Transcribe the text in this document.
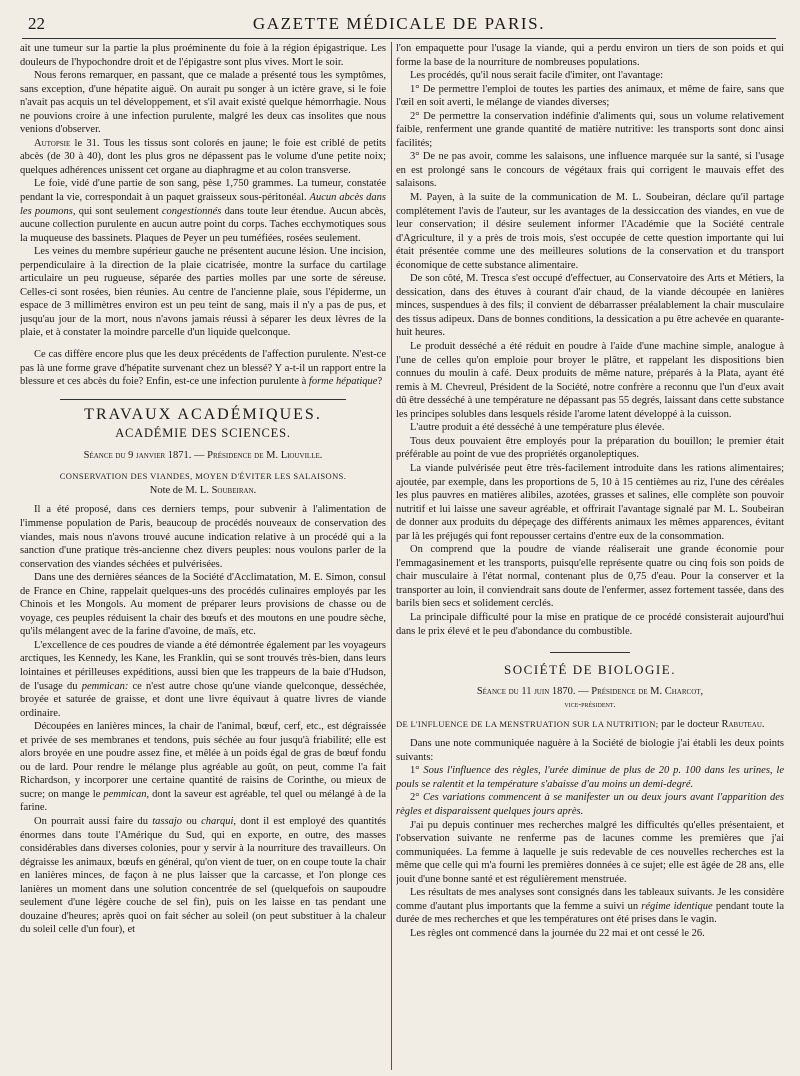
22	GAZETTE MÉDICALE DE PARIS.

ait une tumeur sur la partie la plus proéminente du foie à la région épigastrique. Les douleurs de l'hypochondre droit et de l'épigastre sont plus vives. Mort le soir.

Nous ferons remarquer, en passant, que ce malade a présenté tous les symptômes, sans exception, d'une hépatite aiguë. On aurait pu songer à un ictère grave, si le foie n'avait pas acquis un tel développement, et s'il avait existé quelque hémorrhagie. Nous ne pouvions croire à une infection purulente, malgré les deux cas insolites que nous venions d'observer.

Autopsie le 31. Tous les tissus sont colorés en jaune; le foie est criblé de petits abcès (de 30 à 40), dont les plus gros ne dépassent pas le volume d'une petite noix; quelques adhérences unissent cet organe au diaphragme et au colon transverse.

Le foie, vidé d'une partie de son sang, pèse 1,750 grammes. La tumeur, constatée pendant la vie, correspondait à un paquet graisseux sous-péritonéal. Aucun abcès dans les poumons, qui sont seulement congestionnés dans toute leur étendue. Aucun abcès, aucune collection purulente en aucun autre point du corps. Taches ecchymotiques sous la muqueuse des bassinets. Plaques de Peyer un peu tuméfiées, rosées seulement.

Les veines du membre supérieur gauche ne présentent aucune lésion. Une incision, perpendiculaire à la direction de la plaie cicatrisée, montre la surface du cartilage articulaire un peu rugueuse, séparée des parties molles par une sorte de séreuse. Celles-ci sont rosées, bien réunies. Au centre de l'ancienne plaie, sous l'épiderme, un espace de 3 millimètres environ est un peu teint de sang, mais il n'y a pas de pus, et jusqu'au jour de la mort, nous n'avons jamais réussi à séparer les deux lèvres de la plaie, et à constater la moindre parcelle d'un liquide quelconque.

Ce cas diffère encore plus que les deux précédents de l'affection purulente. N'est-ce pas là une forme grave d'hépatite survenant chez un blessé? Y a-t-il un rapport entre la blessure et ces abcès du foie? Enfin, est-ce une infection purulente à forme hépatique?

TRAVAUX ACADÉMIQUES.
ACADÉMIE DES SCIENCES.
Séance du 9 janvier 1871. — Présidence de M. Liouville.
CONSERVATION DES VIANDES, MOYEN D'ÉVITER LES SALAISONS.
Note de M. L. Soubeiran.

Il a été proposé, dans ces derniers temps, pour subvenir à l'alimentation de l'immense population de Paris, beaucoup de procédés nouveaux de conservation des viandes, mais nous n'avons trouvé aucune indication relative à un procédé qui a la sanction d'une pratique très-ancienne chez divers peuples: nous voulons parler de la conservation des viandes séchées et pulvérisées.

Dans une des dernières séances de la Société d'Acclimatation, M. E. Simon, consul de France en Chine, rappelait quelques-uns des procédés culinaires employés par les Chinois et les Mongols. Au moment de préparer leurs provisions de chasse ou de voyage, ces peuples réduisent la chair des bœufs et des moutons en une poudre sèche, qu'ils mélangent avec de la farine d'avoine, de maïs, etc.

L'excellence de ces poudres de viande a été démontrée également par les voyageurs arctiques, les Kennedy, les Kane, les Franklin, qui se sont trouvés très-bien, dans leurs lointaines et périlleuses expéditions, aussi bien que les trappeurs de la baie d'Hudson, de l'usage du pemmican: ce n'est autre chose qu'une viande quelconque, desséchée, broyée et saturée de graisse, et dont une livre équivaut à quatre livres de viande ordinaire.

Découpées en lanières minces, la chair de l'animal, bœuf, cerf, etc., est dégraissée et privée de ses membranes et tendons, puis séchée au four jusqu'à friabilité; elle est alors broyée en une poudre assez fine, et mêlée à un poids égal de gras de bœuf fondu ou de lard. Pour rendre le mélange plus agréable au goût, on peut, comme l'a fait Richardson, y incorporer une certaine quantité de raisins de Corinthe, ou mieux de sucre; on mange le pemmican, dont la saveur est agréable, tel quel ou mélangé à de la farine.

On pourrait aussi faire du tassajo ou charqui, dont il est employé des quantités énormes dans toute l'Amérique du Sud, qui en exporte, en outre, des masses considérables dans diverses colonies, pour y servir à la nourriture des travailleurs. On dégraisse les animaux, bœufs en général, qu'on vient de tuer, on en coupe toute la chair en lanières minces, de façon à ne plus laisser que la carcasse, et l'on plonge ces lanières un moment dans une solution concentrée de sel (quelquefois on saupoudre seulement d'une légère couche de sel fin), puis on les laisse en tas pendant une douzaine d'heures; après quoi on fait sécher au soleil (on peut substituer à la chaleur du soleil celle d'un four), et

l'on empaquette pour l'usage la viande, qui a perdu environ un tiers de son poids et qui forme la base de la nourriture de nombreuses populations.

Les procédés, qu'il nous serait facile d'imiter, ont l'avantage:

1° De permettre l'emploi de toutes les parties des animaux, et même de faire, sans que l'œil en soit averti, le mélange de viandes diverses;

2° De permettre la conservation indéfinie d'aliments qui, sous un volume relativement faible, renferment une grande quantité de matière nutritive: les transports sont donc ainsi facilités;

3° De ne pas avoir, comme les salaisons, une influence marquée sur la santé, si l'usage en est prolongé sans le concours de végétaux frais qui corrigent le mauvais effet des salaisons.

M. Payen, à la suite de la communication de M. L. Soubeiran, déclare qu'il partage complétement l'avis de l'auteur, sur les avantages de la dessiccation des viandes, en vue de leur conservation; il désire seulement informer l'Académie que la Société centrale d'Agriculture, il y a près de trois mois, s'est occupée de cette question importante qui lui était présentée comme une des meilleures solutions de la conservation et du transport économique de cette substance alimentaire.

De son côté, M. Tresca s'est occupé d'effectuer, au Conservatoire des Arts et Métiers, la dessication, dans des étuves à courant d'air chaud, de la viande découpée en lanières minces, suspendues à des fils; il convient de débarrasser préalablement la chair musculaire des tissus adipeux. Dans de bonnes conditions, la dessication a pu être achevée en quarante-huit heures.

Le produit desséché a été réduit en poudre à l'aide d'une machine simple, analogue à l'une de celles qu'on emploie pour broyer le plâtre, et rappelant les dispositions bien connues du moulin à café. Deux produits de même nature, préparés à la Plata, ayant été remis à M. Chevreul, Président de la Société, notre confrère a reconnu que l'un d'eux avait dû être desséché à une température ne dépassant pas 55 degrés, laissant dans cette substance les principes solubles dans lesquels réside l'arome latent développé à la cuisson.

L'autre produit a été desséché à une température plus élevée.

Tous deux pouvaient être employés pour la préparation du bouillon; le premier était préférable au point de vue des propriétés organoleptiques.

La viande pulvérisée peut être très-facilement introduite dans les rations alimentaires; ajoutée, par exemple, dans les proportions de 5, 10 à 15 centièmes au riz, l'une des céréales les plus pauvres en matières alibiles, azotées, grasses et salines, elle complète son pouvoir nutritif et lui laisse une saveur agréable, et offrirait l'avantage signalé par M. L. Soubeiran de donner aux produits du dépeçage des différents animaux les mêmes apparences, évitant par là les préjugés qui font repousser certains d'entre eux de la consommation.

On comprend que la poudre de viande réaliserait une grande économie pour l'emmagasinement et les transports, puisqu'elle représente quatre ou cinq fois son poids de chair musculaire à l'état normal, contenant plus de 0,75 d'eau. Pour la conserver et la transporter au loin, il conviendrait sans doute de l'enfermer, assez fortement tassée, dans des barils bien secs et solidement cerclés.

La principale difficulté pour la mise en pratique de ce procédé consisterait aujourd'hui dans le prix élevé et le peu d'abondance du combustible.

SOCIÉTÉ DE BIOLOGIE.
Séance du 11 juin 1870. — Présidence de M. Charcot,
vice-président.

DE L'INFLUENCE DE LA MENSTRUATION SUR LA NUTRITION; par le docteur Rabuteau.

Dans une note communiquée naguère à la Société de biologie j'ai établi les deux points suivants:

1° Sous l'influence des règles, l'urée diminue de plus de 20 p. 100 dans les urines, le pouls se ralentit et la température s'abaisse d'au moins un demi-degré.

2° Ces variations commencent à se manifester un ou deux jours avant l'apparition des règles et disparaissent quelques jours après.

J'ai pu depuis continuer mes recherches malgré les difficultés qu'elles présentaient, et l'observation suivante ne renferme pas de lacunes comme les premières que j'ai communiquées. La femme à laquelle je suis redevable de ces nouvelles recherches est la même que celle qui m'a fourni les premières données à ce sujet; elle est âgée de 28 ans, elle jouit d'une bonne santé et est régulièrement menstruée.

Les résultats de mes analyses sont consignés dans les tableaux suivants. Je les considère comme d'autant plus importants que la femme a suivi un régime identique pendant toute la durée de mes recherches et que les températures ont été prises dans le vagin.

Les règles ont commencé dans la journée du 22 mai et ont cessé le 26.
